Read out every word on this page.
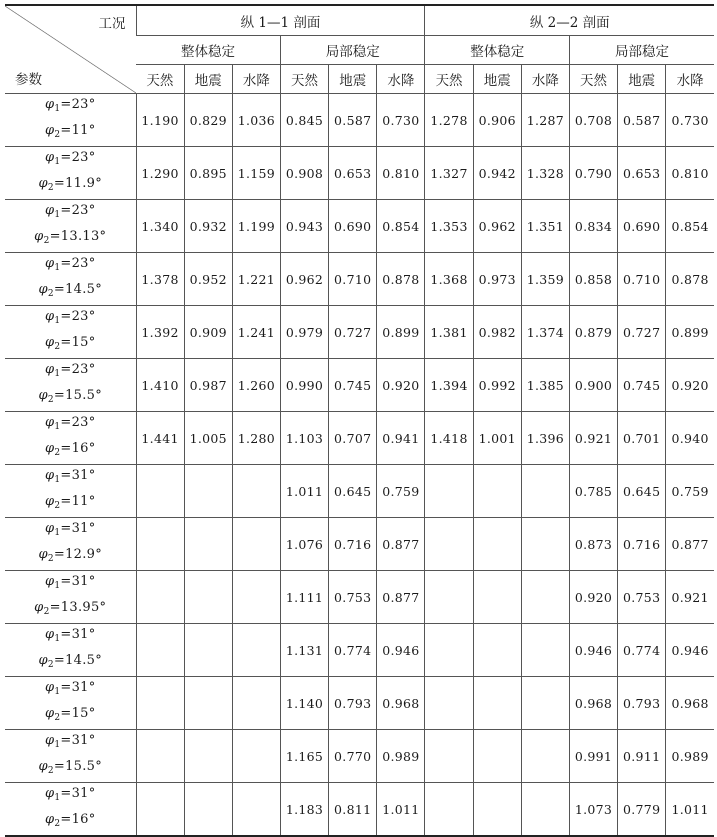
工况
参数	纵 1—1 剖面						纵 2—2 剖面					
	整体稳定			局部稳定			整体稳定			局部稳定		
	天然	地震	水降	天然	地震	水降	天然	地震	水降	天然	地震	水降

$\varphi_1=23^\circ$
$\varphi_2=11^\circ$	1.190	0.829	1.036	0.845	0.587	0.730	1.278	0.906	1.287	0.708	0.587	0.730

$\varphi_1=23^\circ$
$\varphi_2=11.9^\circ$	1.290	0.895	1.159	0.908	0.653	0.810	1.327	0.942	1.328	0.790	0.653	0.810

$\varphi_1=23^\circ$
$\varphi_2=13.13^\circ$	1.340	0.932	1.199	0.943	0.690	0.854	1.353	0.962	1.351	0.834	0.690	0.854

$\varphi_1=23^\circ$
$\varphi_2=14.5^\circ$	1.378	0.952	1.221	0.962	0.710	0.878	1.368	0.973	1.359	0.858	0.710	0.878

$\varphi_1=23^\circ$
$\varphi_2=15^\circ$	1.392	0.909	1.241	0.979	0.727	0.899	1.381	0.982	1.374	0.879	0.727	0.899

$\varphi_1=23^\circ$
$\varphi_2=15.5^\circ$	1.410	0.987	1.260	0.990	0.745	0.920	1.394	0.992	1.385	0.900	0.745	0.920

$\varphi_1=23^\circ$
$\varphi_2=16^\circ$	1.441	1.005	1.280	1.103	0.707	0.941	1.418	1.001	1.396	0.921	0.701	0.940

$\varphi_1=31^\circ$
$\varphi_2=11^\circ$				1.011	0.645	0.759				0.785	0.645	0.759

$\varphi_1=31^\circ$
$\varphi_2=12.9^\circ$				1.076	0.716	0.877				0.873	0.716	0.877

$\varphi_1=31^\circ$
$\varphi_2=13.95^\circ$				1.111	0.753	0.877				0.920	0.753	0.921

$\varphi_1=31^\circ$
$\varphi_2=14.5^\circ$				1.131	0.774	0.946				0.946	0.774	0.946

$\varphi_1=31^\circ$
$\varphi_2=15^\circ$				1.140	0.793	0.968				0.968	0.793	0.968

$\varphi_1=31^\circ$
$\varphi_2=15.5^\circ$				1.165	0.770	0.989				0.991	0.911	0.989

$\varphi_1=31^\circ$
$\varphi_2=16^\circ$				1.183	0.811	1.011				1.073	0.779	1.011
